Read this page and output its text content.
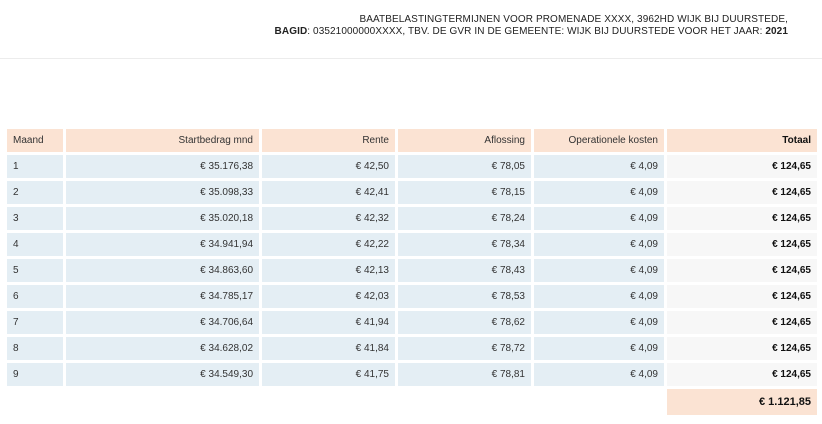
BAATBELASTINGTERMIJNEN VOOR PROMENADE XXXX, 3962HD WIJK BIJ DUURSTEDE,
BAGID: 03521000000XXXX, TBV. DE GVR IN DE GEMEENTE: WIJK BIJ DUURSTEDE VOOR HET JAAR: 2021
Maand	Startbedrag mnd	Rente	Aflossing	Operationele kosten	Totaal
1	€ 35.176,38	€ 42,50	€ 78,05	€ 4,09	€ 124,65
2	€ 35.098,33	€ 42,41	€ 78,15	€ 4,09	€ 124,65
3	€ 35.020,18	€ 42,32	€ 78,24	€ 4,09	€ 124,65
4	€ 34.941,94	€ 42,22	€ 78,34	€ 4,09	€ 124,65
5	€ 34.863,60	€ 42,13	€ 78,43	€ 4,09	€ 124,65
6	€ 34.785,17	€ 42,03	€ 78,53	€ 4,09	€ 124,65
7	€ 34.706,64	€ 41,94	€ 78,62	€ 4,09	€ 124,65
8	€ 34.628,02	€ 41,84	€ 78,72	€ 4,09	€ 124,65
9	€ 34.549,30	€ 41,75	€ 78,81	€ 4,09	€ 124,65
					€ 1.121,85
